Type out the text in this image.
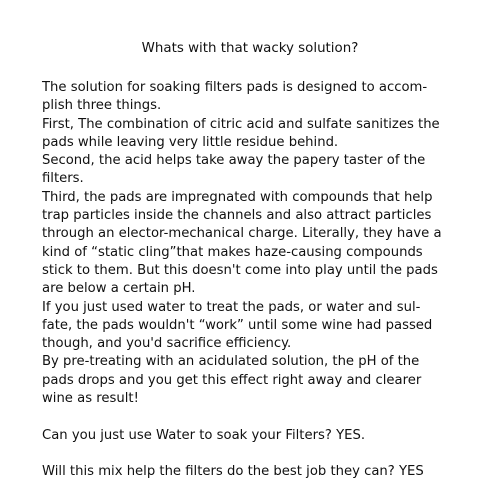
Whats with that wacky solution?
The solution for soaking filters pads is designed to accom-
plish three things.
First, The combination of citric acid and sulfate sanitizes the
pads while leaving very little residue behind.
Second, the acid helps take away the papery taster of the
filters.
Third, the pads are impregnated with compounds that help
trap particles inside the channels and also attract particles
through an elector-mechanical charge. Literally, they have a
kind of “static cling”that makes haze-causing compounds
stick to them. But this doesn't come into play until the pads
are below a certain pH.
If you just used water to treat the pads, or water and sul-
fate, the pads wouldn't “work” until some wine had passed
though, and you'd sacrifice efficiency.
By pre-treating with an acidulated solution, the pH of the
pads drops and you get this effect right away and clearer
wine as result!
Can you just use Water to soak your Filters? YES.
Will this mix help the filters do the best job they can? YES
